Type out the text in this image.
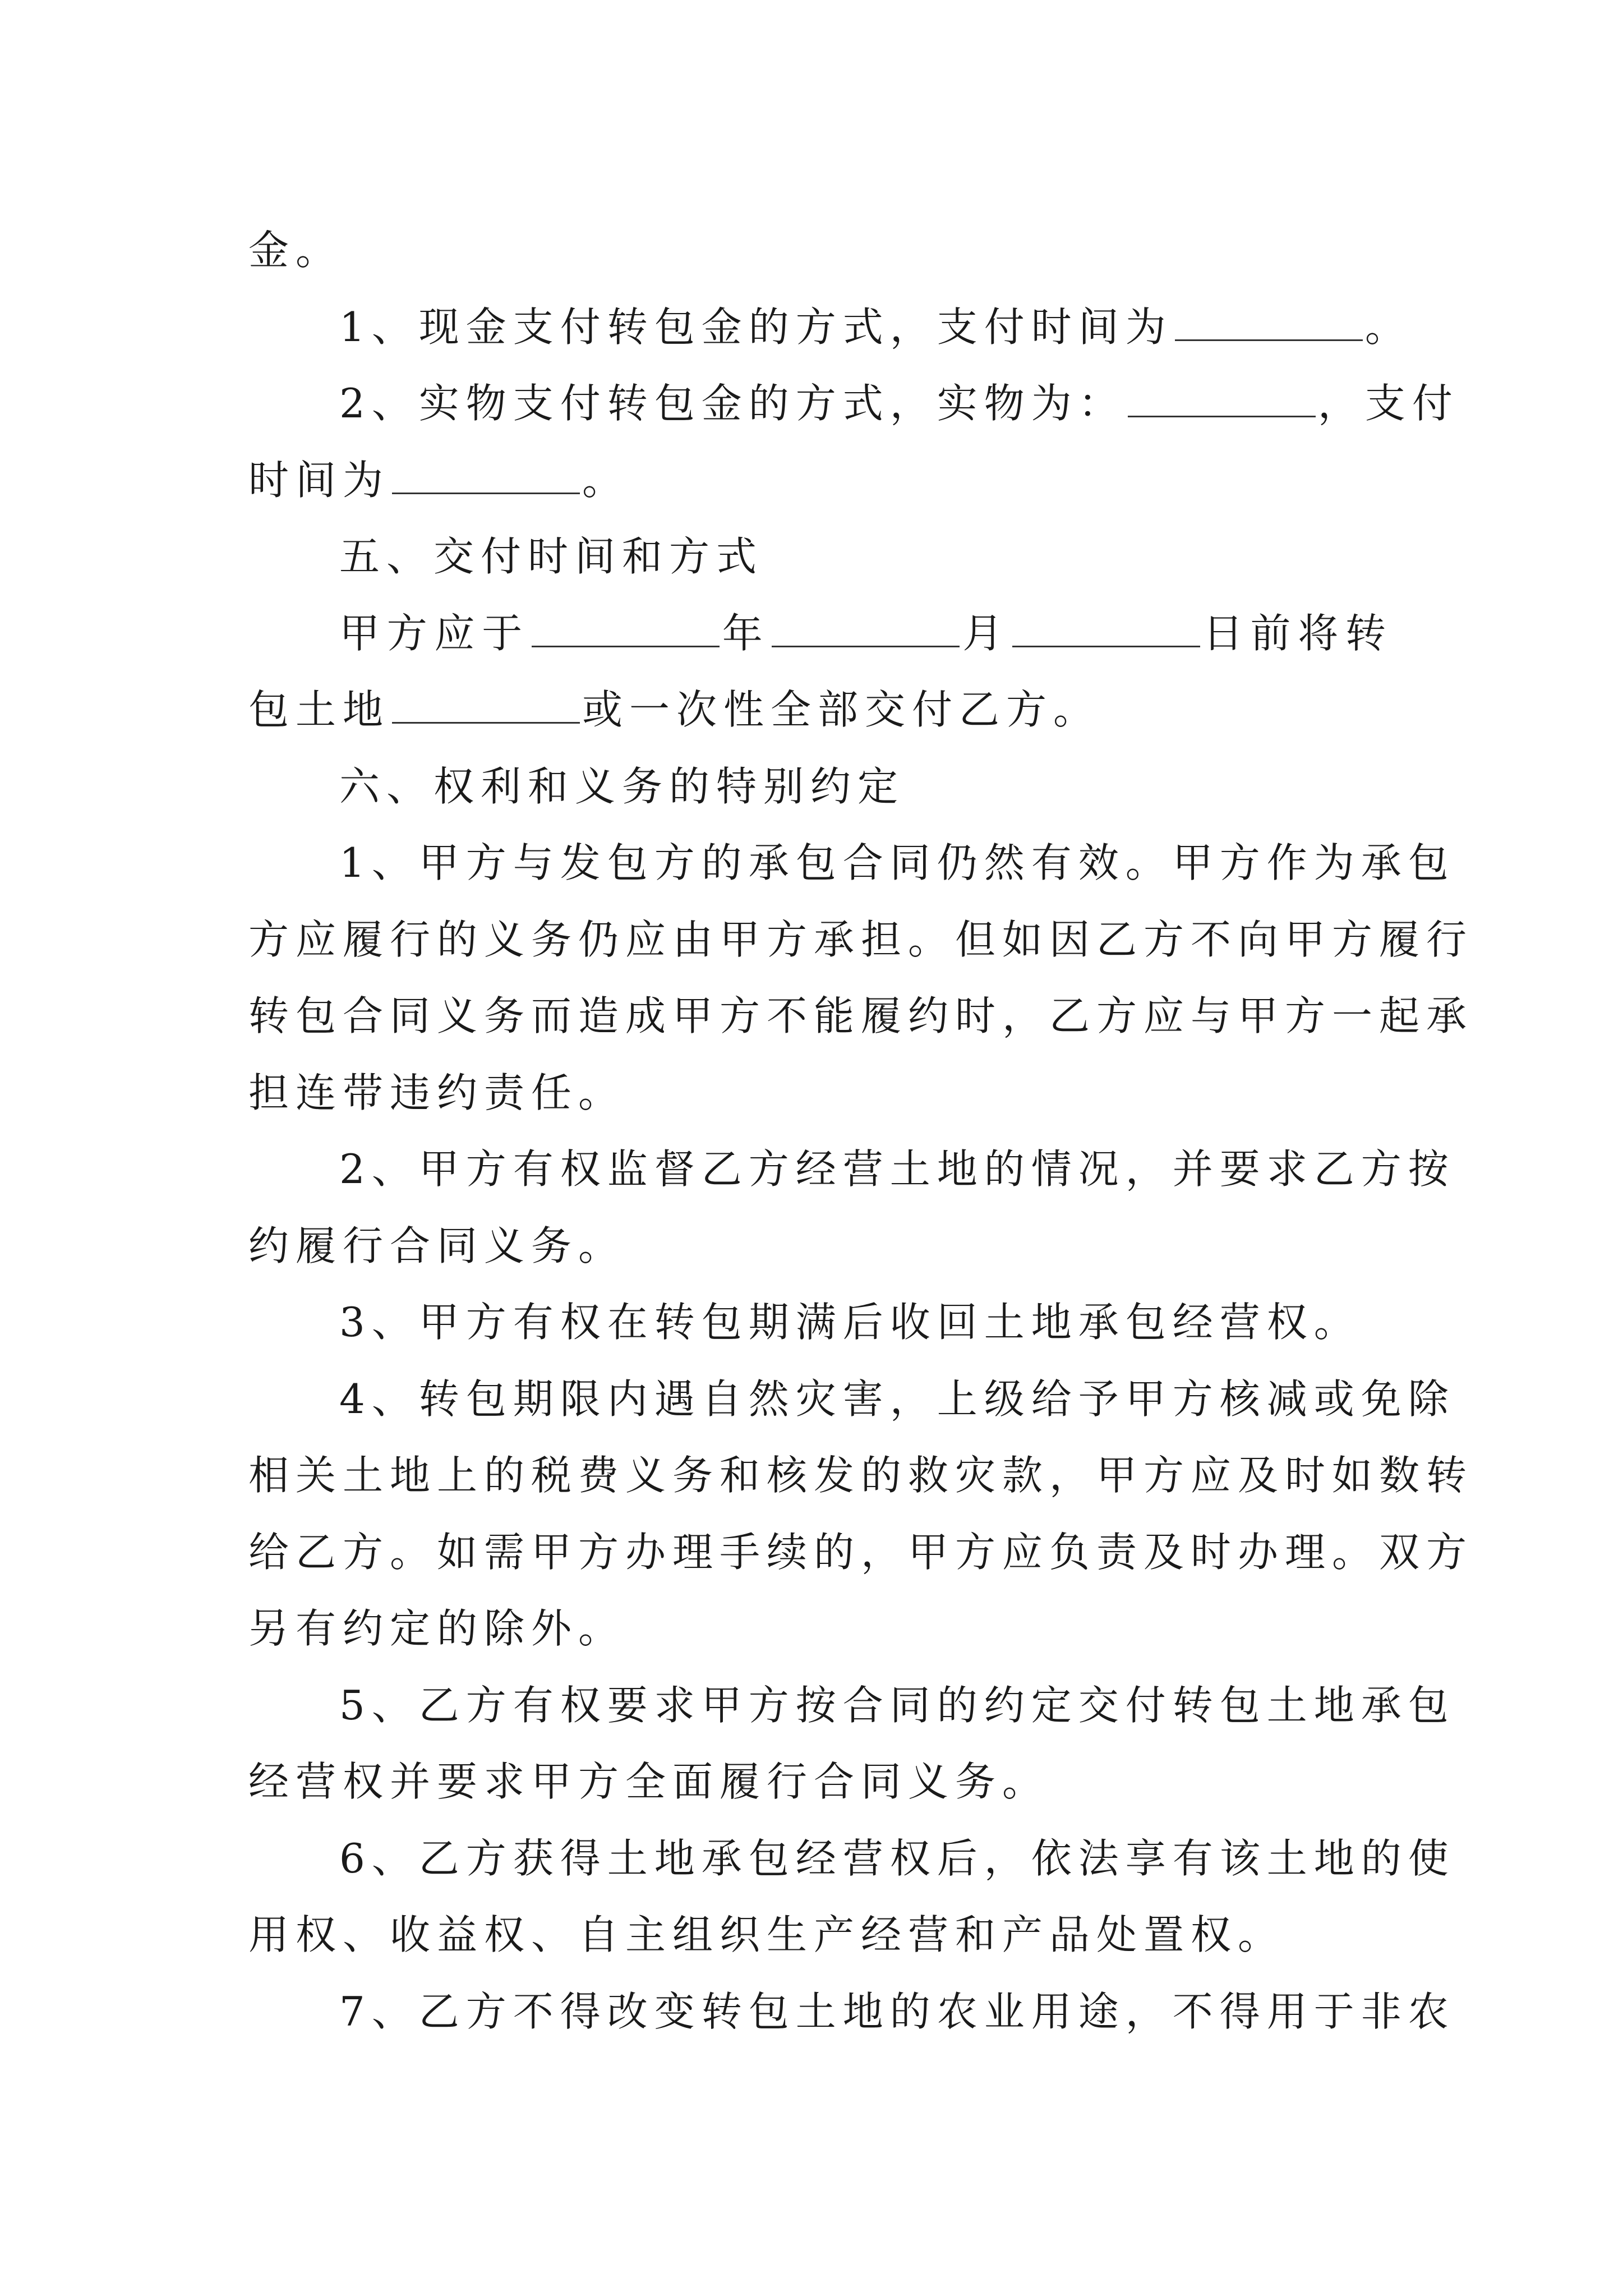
金。
1、现金支付转包金的方式，支付时间为	。
2、实物支付转包金的方式，实物为：	，支付
时间为	。
五、交付时间和方式
甲方应于	年	月	日前将转
包土地	或一次性全部交付乙方。
六、权利和义务的特别约定
1、甲方与发包方的承包合同仍然有效。甲方作为承包
方应履行的义务仍应由甲方承担。但如因乙方不向甲方履行
转包合同义务而造成甲方不能履约时，乙方应与甲方一起承
担连带违约责任。
2、甲方有权监督乙方经营土地的情况，并要求乙方按
约履行合同义务。
3、甲方有权在转包期满后收回土地承包经营权。
4、转包期限内遇自然灾害，上级给予甲方核减或免除
相关土地上的税费义务和核发的救灾款，甲方应及时如数转
给乙方。如需甲方办理手续的，甲方应负责及时办理。双方
另有约定的除外。
5、乙方有权要求甲方按合同的约定交付转包土地承包
经营权并要求甲方全面履行合同义务。
6、乙方获得土地承包经营权后，依法享有该土地的使
用权、收益权、自主组织生产经营和产品处置权。
7、乙方不得改变转包土地的农业用途，不得用于非农
